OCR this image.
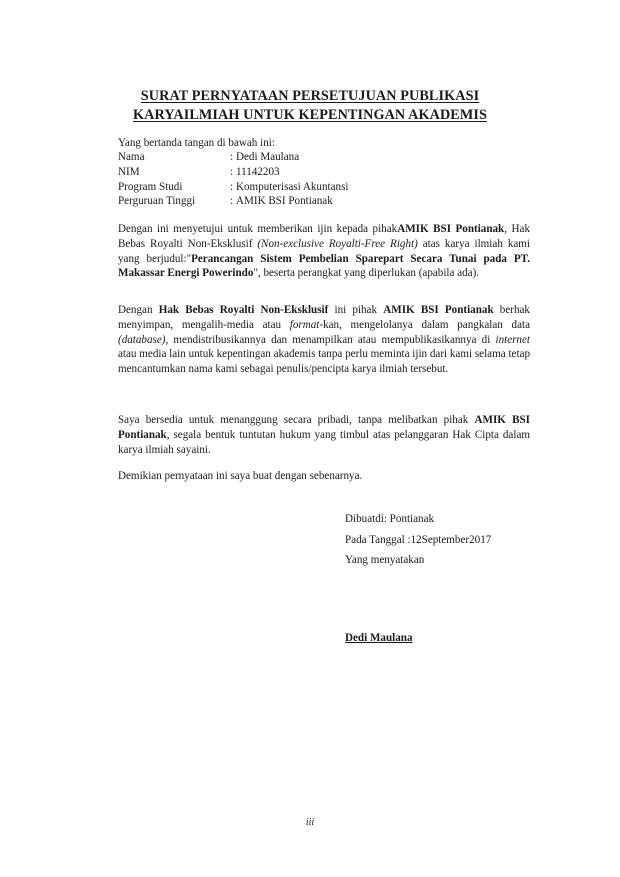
SURAT PERNYATAAN PERSETUJUAN PUBLIKASI
KARYAILMIAH UNTUK KEPENTINGAN AKADEMIS
Yang bertanda tangan di bawah ini:
Nama	: Dedi Maulana
NIM	: 11142203
Program Studi	: Komputerisasi Akuntansi
Perguruan Tinggi	: AMIK BSI Pontianak

Dengan ini menyetujui untuk memberikan ijin kepada pihakAMIK BSI Pontianak, Hak Bebas Royalti Non-Eksklusif (Non-exclusive Royalti-Free Right) atas karya ilmiah kami yang berjudul:"Perancangan Sistem Pembelian Sparepart Secara Tunai pada PT. Makassar Energi Powerindo", beserta perangkat yang diperlukan (apabila ada).

Dengan Hak Bebas Royalti Non-Eksklusif ini pihak AMIK BSI Pontianak berhak menyimpan, mengalih-media atau format-kan, mengelolanya dalam pangkalan data (database), mendistribusikannya dan menampilkan atau mempublikasikannya di internet atau media lain untuk kepentingan akademis tanpa perlu meminta ijin dari kami selama tetap mencantumkan nama kami sebagai penulis/pencipta karya ilmiah tersebut.

Saya bersedia untuk menanggung secara pribadi, tanpa melibatkan pihak AMIK BSI Pontianak, segala bentuk tuntutan hukum yang timbul atas pelanggaran Hak Cipta dalam karya ilmiah sayaini.

Demikian pernyataan ini saya buat dengan sebenarnya.

Dibuatdi: Pontianak
Pada Tanggal :12September2017
Yang menyatakan
Dedi Maulana
iii
